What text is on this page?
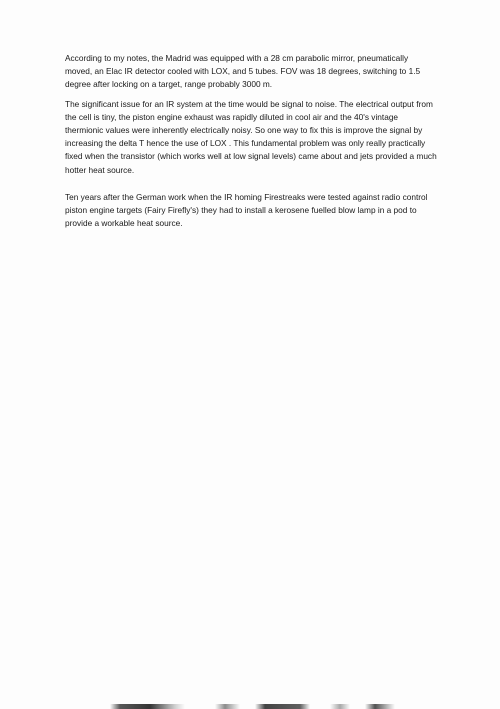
According to my notes, the Madrid was equipped with a 28 cm parabolic mirror, pneumatically moved, an Elac IR detector cooled with LOX, and 5 tubes. FOV was 18 degrees, switching to 1.5 degree after locking on a target, range probably 3000 m.

The significant issue for an IR system at the time would be signal to noise. The electrical output from the cell is tiny, the piston engine exhaust was rapidly diluted in cool air and the 40's vintage thermionic values were inherently electrically noisy. So one way to fix this is improve the signal by increasing the delta T hence the use of LOX . This fundamental problem was only really practically fixed when the transistor (which works well at low signal levels) came about and jets provided a much hotter heat source.

Ten years after the German work when the IR homing Firestreaks were tested against radio control piston engine targets (Fairy Firefly's) they had to install a kerosene fuelled blow lamp in a pod to provide a workable heat source.
